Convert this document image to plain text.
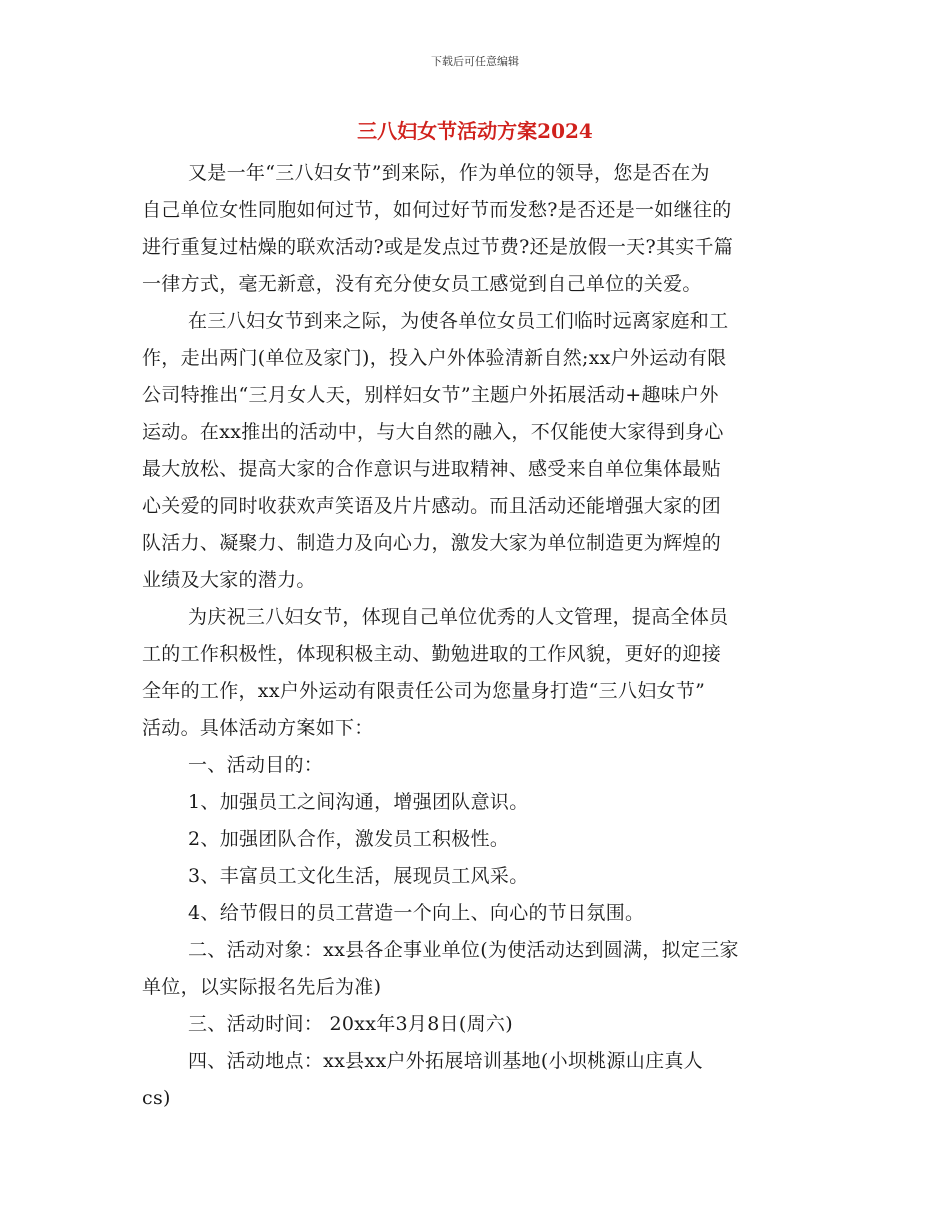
下载后可任意编辑
三八妇女节活动方案2024
又是一年“三八妇女节”到来际，作为单位的领导，您是否在为
自己单位女性同胞如何过节，如何过好节而发愁?是否还是一如继往的
进行重复过枯燥的联欢活动?或是发点过节费?还是放假一天?其实千篇
一律方式，毫无新意，没有充分使女员工感觉到自己单位的关爱。
在三八妇女节到来之际，为使各单位女员工们临时远离家庭和工
作，走出两门(单位及家门)，投入户外体验清新自然;xx户外运动有限
公司特推出“三月女人天，别样妇女节”主题户外拓展活动+趣味户外
运动。在xx推出的活动中，与大自然的融入，不仅能使大家得到身心
最大放松、提高大家的合作意识与进取精神、感受来自单位集体最贴
心关爱的同时收获欢声笑语及片片感动。而且活动还能增强大家的团
队活力、凝聚力、制造力及向心力，激发大家为单位制造更为辉煌的
业绩及大家的潜力。
为庆祝三八妇女节，体现自己单位优秀的人文管理，提高全体员
工的工作积极性，体现积极主动、勤勉进取的工作风貌，更好的迎接
全年的工作，xx户外运动有限责任公司为您量身打造“三八妇女节”
活动。具体活动方案如下：
一、活动目的：
1、加强员工之间沟通，增强团队意识。
2、加强团队合作，激发员工积极性。
3、丰富员工文化生活，展现员工风采。
4、给节假日的员工营造一个向上、向心的节日氛围。
二、活动对象：xx县各企事业单位(为使活动达到圆满，拟定三家
单位，以实际报名先后为准)
三、活动时间： 20xx年3月8日(周六)
四、活动地点：xx县xx户外拓展培训基地(小坝桃源山庄真人
cs)
